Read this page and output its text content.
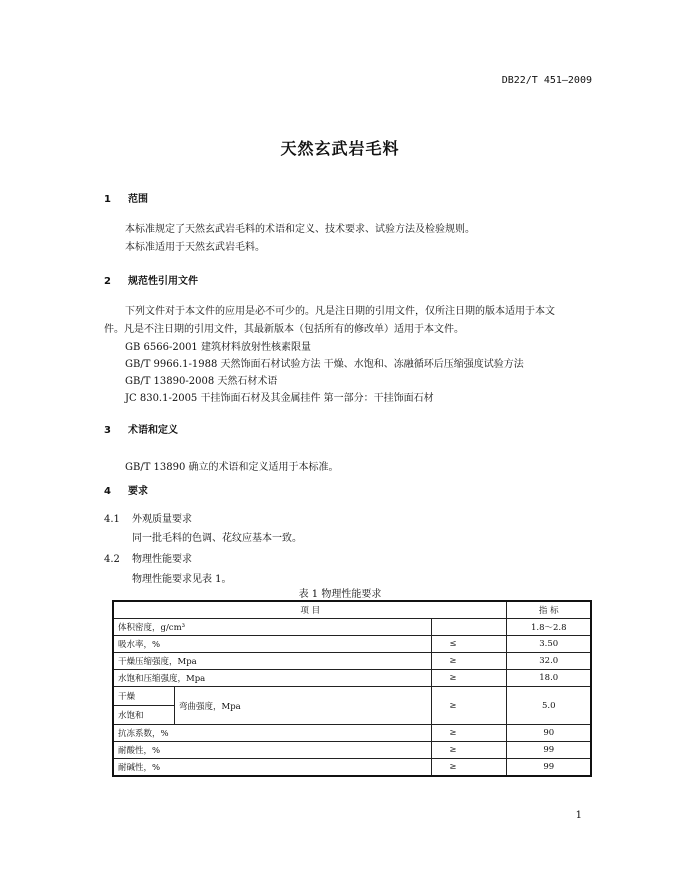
DB22/T 451—2009
天然玄武岩毛料
1 范围
本标准规定了天然玄武岩毛料的术语和定义、技术要求、试验方法及检验规则。
本标准适用于天然玄武岩毛料。
2 规范性引用文件
下列文件对于本文件的应用是必不可少的。凡是注日期的引用文件，仅所注日期的版本适用于本文
件。凡是不注日期的引用文件，其最新版本（包括所有的修改单）适用于本文件。
GB 6566-2001 建筑材料放射性核素限量
GB/T 9966.1-1988 天然饰面石材试验方法 干燥、水饱和、冻融循环后压缩强度试验方法
GB/T 13890-2008 天然石材术语
JC 830.1-2005 干挂饰面石材及其金属挂件 第一部分：干挂饰面石材
3 术语和定义
GB/T 13890 确立的术语和定义适用于本标准。
4 要求
4.1 外观质量要求
同一批毛料的色调、花纹应基本一致。
4.2 物理性能要求
物理性能要求见表 1。
表 1 物理性能要求
项 目			指 标
体积密度，g/cm³			1.8～2.8
吸水率，%		≤	3.50
干燥压缩强度，Mpa		≥	32.0
水饱和压缩强度，Mpa		≥	18.0
干燥	弯曲强度，Mpa	≥	5.0
水饱和			
抗冻系数，%		≥	90
耐酸性，%		≥	99
耐碱性，%		≥	99
1
